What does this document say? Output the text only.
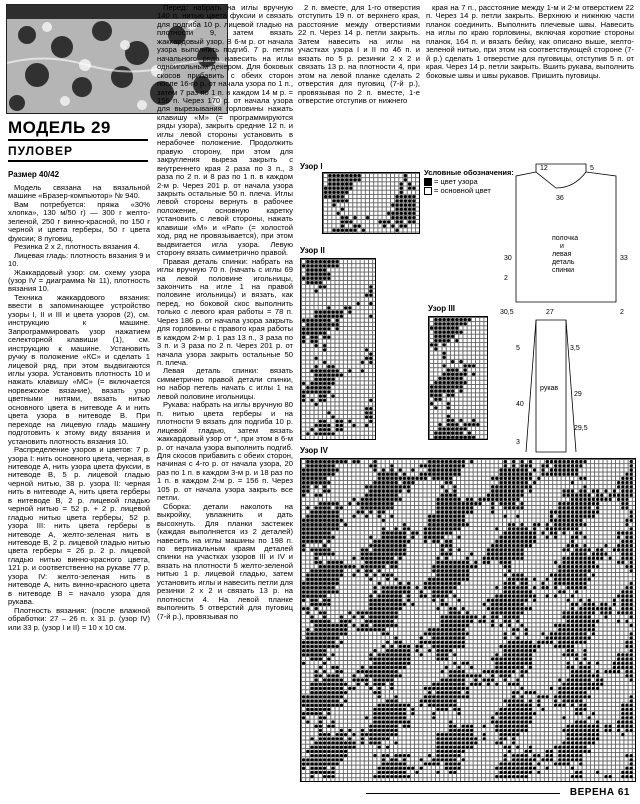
МОДЕЛЬ 29
ПУЛОВЕР
Размер 40/42

Модель связана на вязальной машине «Бразер-компьютор» № 940.

Вам потребуется: пряжа «30% хлопка», 130 м/50 г) — 300 г желто-зеленой, 250 г винно-красной, по 150 г черной и цвета герберы, 50 г цвета фуксии; 8 пуговиц.

Резинка 2 x 2, плотность вязания 4.

Лицевая гладь: плотность вязания 9 и 10.

Жаккардовый узор: см. схему узора (узор IV = диаграмма № 11), плотность вязания 10.

Техника жаккардового вязания: ввести в запоминающее устройство узоры I, II и III и цвета узоров (2), см. инструкцию к машине. Запрограммировать узор нажатием селекторной клавиши (1), см. инструкцию к машине. Установить ручку в положение «КС» и сделать 1 лицевой ряд, при этом выдвигаются иглы узора. Установить плотность 10 и нажать клавишу «МС» (= включается норвежское вязание), вязать узор цветными нитями, вязать нитью основного цвета в нитеводе А и нить цвета узора в нитеводе В. При переходе на лицевую гладь машину подготовить к этому виду вязания и установить плотность вязания 10.

Распределение узоров и цветов: 7 р. узора I: нить основного цвета, черная, в нитеводе А, нить узора цвета фуксии, в нитеводе В, 5 р. лицевой гладью черной нитью, 38 р. узора II: черная нить в нитеводе А, нить цвета герберы в нитеводе В, 2 р. лицевой гладью черной нитью = 52 р. + 2 р. лицевой гладью нитью цвета герберы, 52 р. узора III: нить цвета герберы в нитеводе А, желто-зеленая нить в нитеводе В, 2 р. лицевой гладью нитью цвета герберы = 26 р. 2 р. лицевой гладью нитью винно-красного цвета, 121 р. и соответственно на рукаве 77 р. узора IV: желто-зеленая нить в нитеводе А, нить винно-красного цвета в нитеводе В = начало узора для рукава.

Плотность вязания: (после влажной обработки: 27 – 26 п. x 31 р. (узор IV) или 33 р. (узор I и II) = 10 x 10 см.

Перед: набрать на иглы вручную 140 п. нитью цвета фуксии и связать для подгиба 10 р. лицевой гладью на плотности 9, затем вязать жаккардовый узор. В 6-м р. от начала узора выполнить подгиб. 7 р. петли начального ряда навесить на иглы одноигольным декером. Для боковых скосов прибавить с обеих сторон после 16-го р. от начала узора по 1 п., затем 7 раз по 1 п. в каждом 14 м р. = 156 п. Через 170 р. от начала узора для вырезывания горловины нажать клавишу «М» (= программируются ряды узора), закрыть средние 12 п. и иглы левой стороны установить в нерабочее положение. Продолжить правую сторону, при этом для закругления выреза закрыть с внутреннего края 2 раза по 3 п., 3 раза по 2 п. и 8 раз по 1 п. в каждом 2-м р. Через 201 р. от начала узора закрыть остальные 50 п. плеча. Иглы левой стороны вернуть в рабочее положение, основную каретку установить с левой стороны, нажать клавиши «М» и «Рап» (= холостой ход, ряд не провязывается), при этом выдвигается игла узора. Левую сторону вязать симметрично правой.

Правая деталь спинки: набрать на иглы вручную 70 п. (начать с иглы 69 на левой половине игольницы, закончить на игле 1 на правой половине игольницы) и вязать, как перед, но боковой скос выполнить только с левого края работы = 78 п. Через 186 р. от начала узора закрыть для горловины с правого края работы в каждом 2-м р. 1 раз 13 п., 3 раза по 3 п. и 3 раза по 2 п. Через 201 р. от начала узора закрыть остальные 50 п. плеча.

Левая деталь спинки: вязать симметрично правой детали спинки, но набор петель начать с иглы 1 на левой половине игольницы.

Рукава: набрать на иглы вручную 80 п. нитью цвета герберы и на плотности 9 вязать для подгиба 10 р. лицевой гладью, затем вязать жаккардовый узор от *, при этом в 6-м р. от начала узора выполнить подгиб. Для скосов прибавить с обеих сторон, начиная с 4-го р. от начала узора, 20 раз по 1 п. в каждом 3-м р. и 18 раз по 1 п. в каждом 2-м р. = 156 п. Через 105 р. от начала узора закрыть все петли.

Сборка: детали наколоть на выкройку, увлажнить и дать высохнуть. Для планки застежек (каждая выполняется из 2 деталей) навесить на иглы машины по 198 п. по вертикальным краям деталей спинки на участках узоров III и IV и вязать на плотности 5 желто-зеленой нитью 1 р. лицевой гладью, затем установить иглы и навесить петли для резинки 2 x 2 и связать 13 р. на плотности 4. На левой планке выполнить 5 отверстий для пуговиц (7-й р.), провязывая по

2 п. вместе, для 1-го отверстия отступить 19 п. от верхнего края, расстояние между отверстиями 22 п. Через 14 р. петли закрыть. Затем навесить на иглы на участках узора I и II по 46 п. и вязать по 5 р. резинки 2 x 2 и связать 13 р. на плотности 4, при этом на левой планке сделать 2 отверстия для пуговиц (7-й р.), провязывая по 2 п. вместе, 1-е отверстие отступив от нижнего

края на 7 п., расстояние между 1-м и 2-м отверстием 22 п. Через 14 р. петли закрыть. Верхнюю и нижнюю части планок соединить. Выполнить плечевые швы. Навесить на иглы по краю горловины, включая короткие стороны планок, 164 п. и вязать бейку, как описано выше, желто-зеленой нитью, при этом на соответствующей стороне (7-й р.) сделать 1 отверстие для пуговицы, отступив 5 п. от края. Через 14 р. петли закрыть. Вшить рукава, выполнить боковые швы и швы рукавов. Пришить пуговицы.

Узор I
Узор II
Узор III
Узор IV
Условные обозначения:
= цвет узора
= основной цвет
12	5
36
30
2
33
27
30,5	2
5	3,5
29
40
3
29,5
полочка
и
левая
деталь
спинки
рукав
ВЕРЕНА 61
